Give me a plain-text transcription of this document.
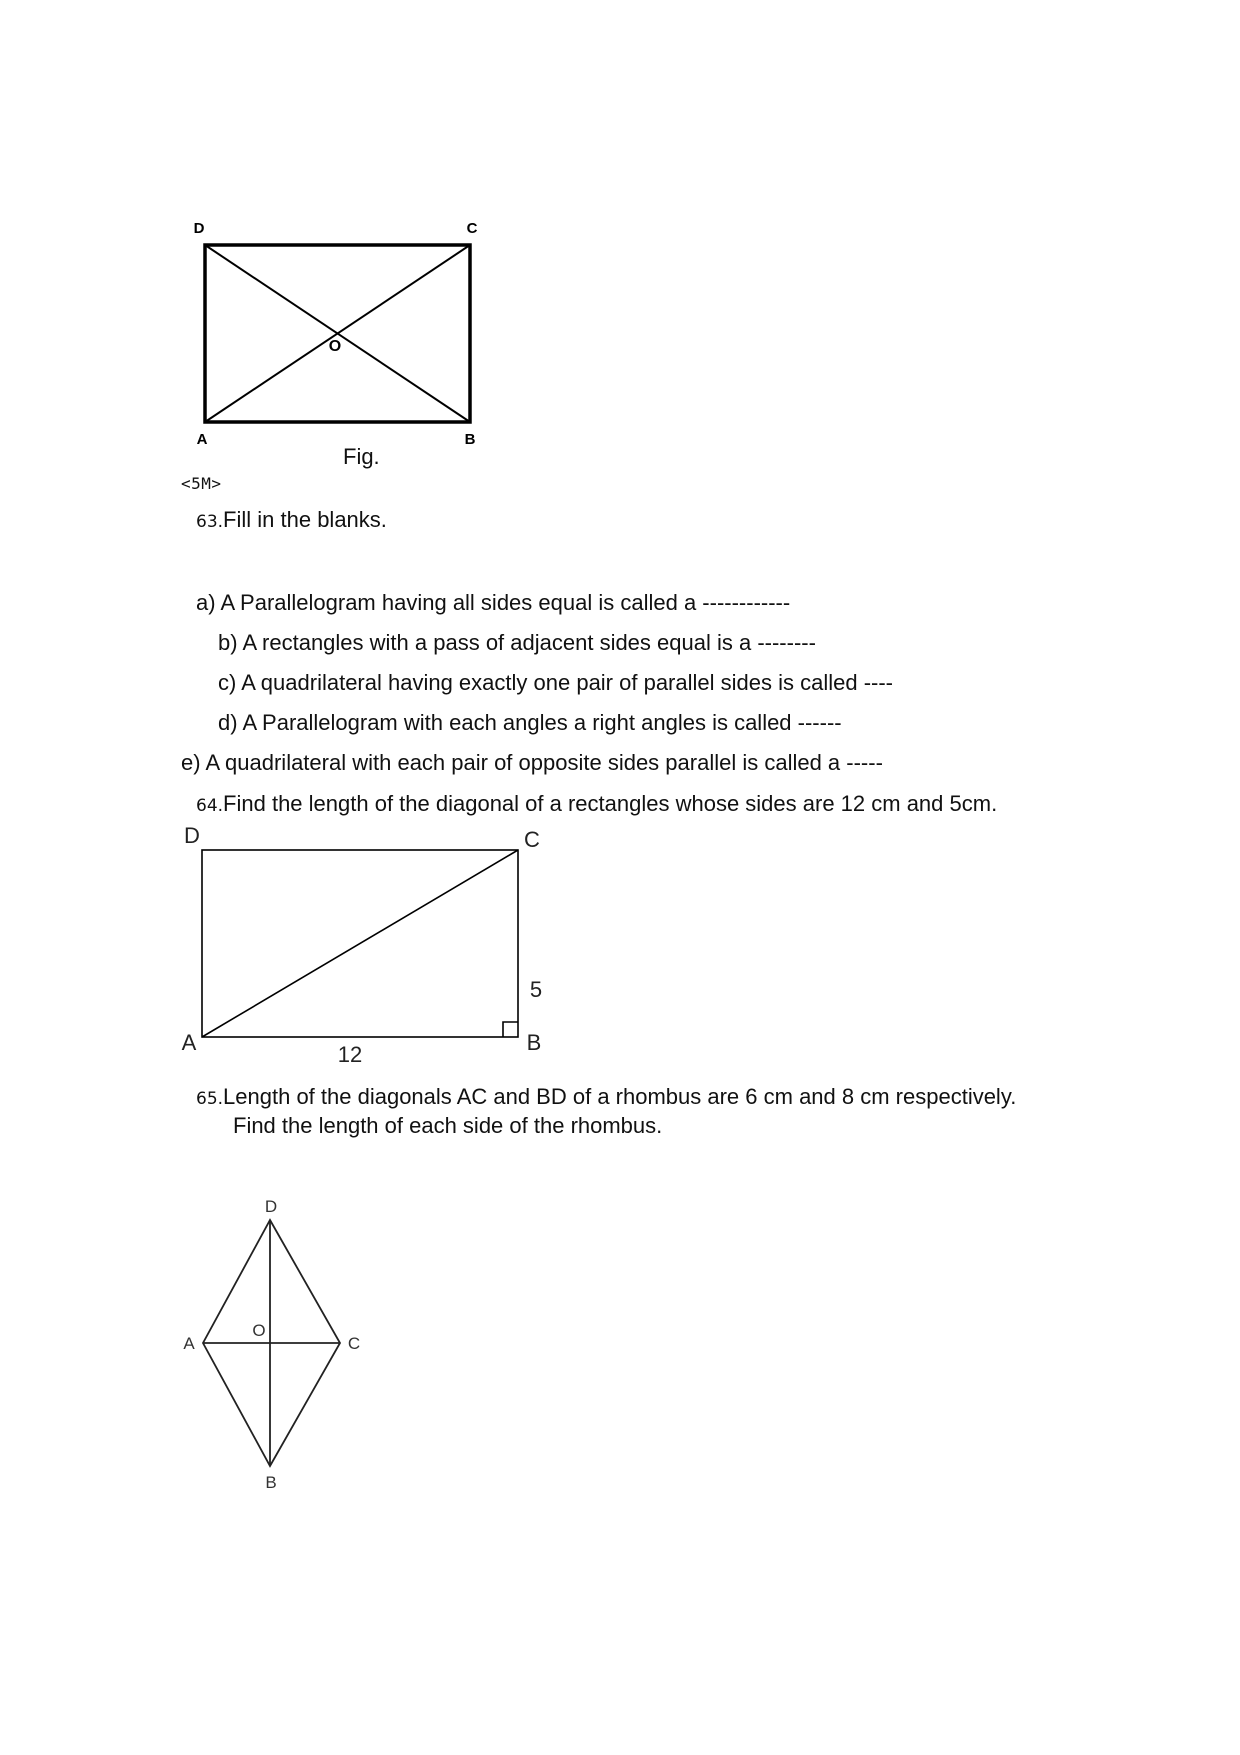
D	C
A	B
O
Fig.
<5M>
63.Fill in the blanks.
a) A Parallelogram having all sides equal is called a ------------
b) A rectangles with a pass of adjacent sides equal is a --------
c) A quadrilateral having exactly one pair of parallel sides is called ----
d) A Parallelogram with each angles a right angles is called ------
e) A quadrilateral with each pair of opposite sides parallel is called a -----
64.Find the length of the diagonal of a rectangles whose sides are 12 cm and 5cm.
D	C
A	B
5
12
65.Length of the diagonals AC and BD of a rhombus are 6 cm and 8 cm respectively.
Find the length of each side of the rhombus.
D
A	C
B
O
